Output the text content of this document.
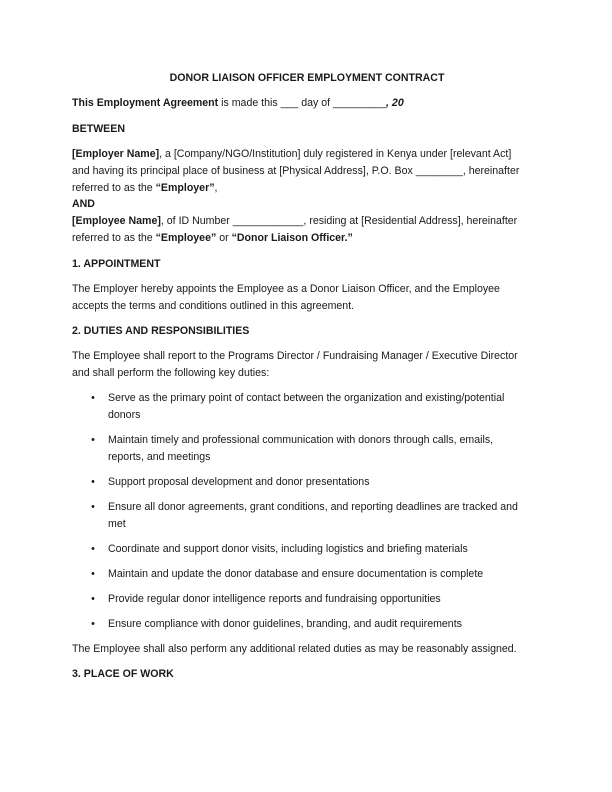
DONOR LIAISON OFFICER EMPLOYMENT CONTRACT
This Employment Agreement is made this ___ day of _________, 20
BETWEEN
[Employer Name], a [Company/NGO/Institution] duly registered in Kenya under [relevant Act]
and having its principal place of business at [Physical Address], P.O. Box ________, hereinafter
referred to as the “Employer”,
AND
[Employee Name], of ID Number ____________, residing at [Residential Address], hereinafter
referred to as the “Employee” or “Donor Liaison Officer.”
1. APPOINTMENT
The Employer hereby appoints the Employee as a Donor Liaison Officer, and the Employee
accepts the terms and conditions outlined in this agreement.
2. DUTIES AND RESPONSIBILITIES
The Employee shall report to the Programs Director / Fundraising Manager / Executive Director
and shall perform the following key duties:
• Serve as the primary point of contact between the organization and existing/potential
donors
• Maintain timely and professional communication with donors through calls, emails,
reports, and meetings
• Support proposal development and donor presentations
• Ensure all donor agreements, grant conditions, and reporting deadlines are tracked and
met
• Coordinate and support donor visits, including logistics and briefing materials
• Maintain and update the donor database and ensure documentation is complete
• Provide regular donor intelligence reports and fundraising opportunities
• Ensure compliance with donor guidelines, branding, and audit requirements
The Employee shall also perform any additional related duties as may be reasonably assigned.
3. PLACE OF WORK
